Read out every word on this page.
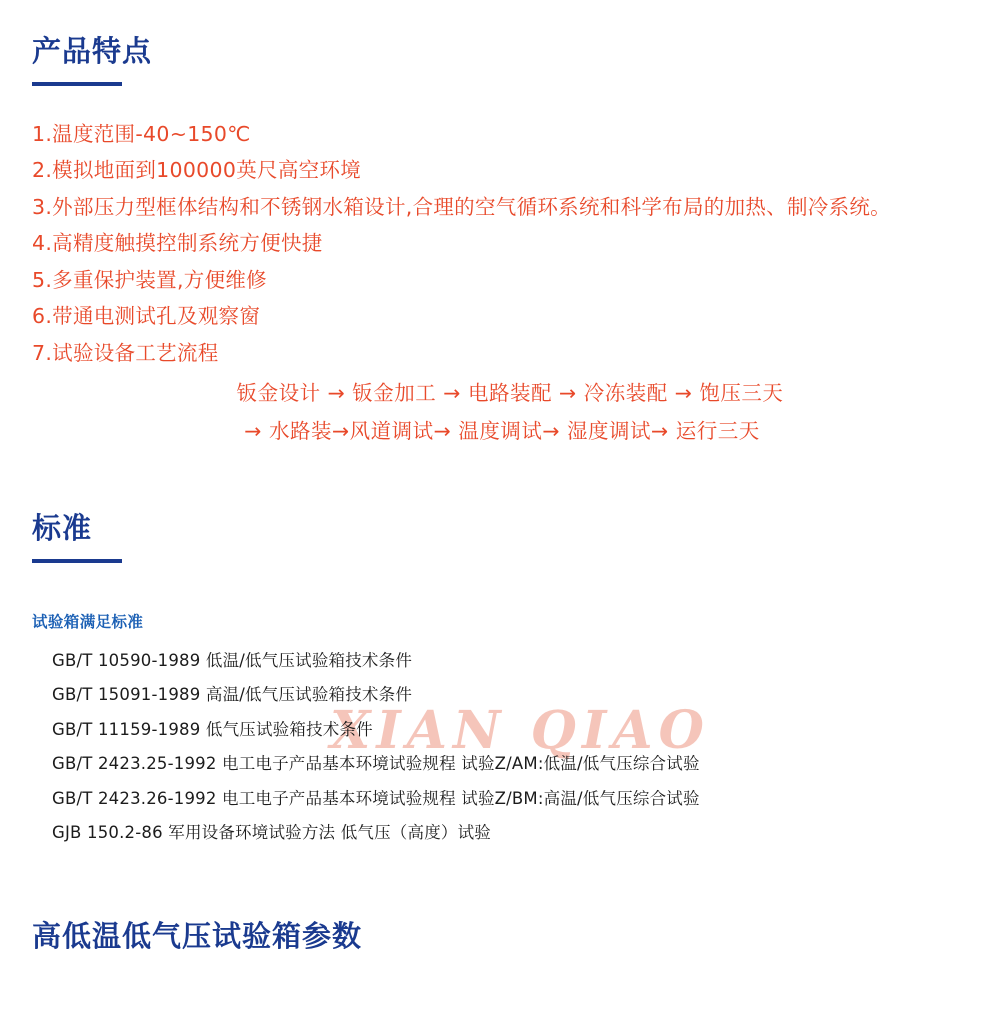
XIAN QIAO
产品特点
1.温度范围-40~150℃
2.模拟地面到100000英尺高空环境
3.外部压力型框体结构和不锈钢水箱设计,合理的空气循环系统和科学布局的加热、制冷系统。
4.高精度触摸控制系统方便快捷
5.多重保护装置,方便维修
6.带通电测试孔及观察窗
7.试验设备工艺流程
钣金设计 → 钣金加工 → 电路装配 → 冷冻装配 → 饱压三天
→ 水路装→风道调试→ 温度调试→ 湿度调试→ 运行三天
标准
试验箱满足标准
GB/T 10590-1989 低温/低气压试验箱技术条件
GB/T 15091-1989 高温/低气压试验箱技术条件
GB/T 11159-1989 低气压试验箱技术条件
GB/T 2423.25-1992 电工电子产品基本环境试验规程 试验Z/AM:低温/低气压综合试验
GB/T 2423.26-1992 电工电子产品基本环境试验规程 试验Z/BM:高温/低气压综合试验
GJB 150.2-86 军用设备环境试验方法 低气压（高度）试验
高低温低气压试验箱参数
